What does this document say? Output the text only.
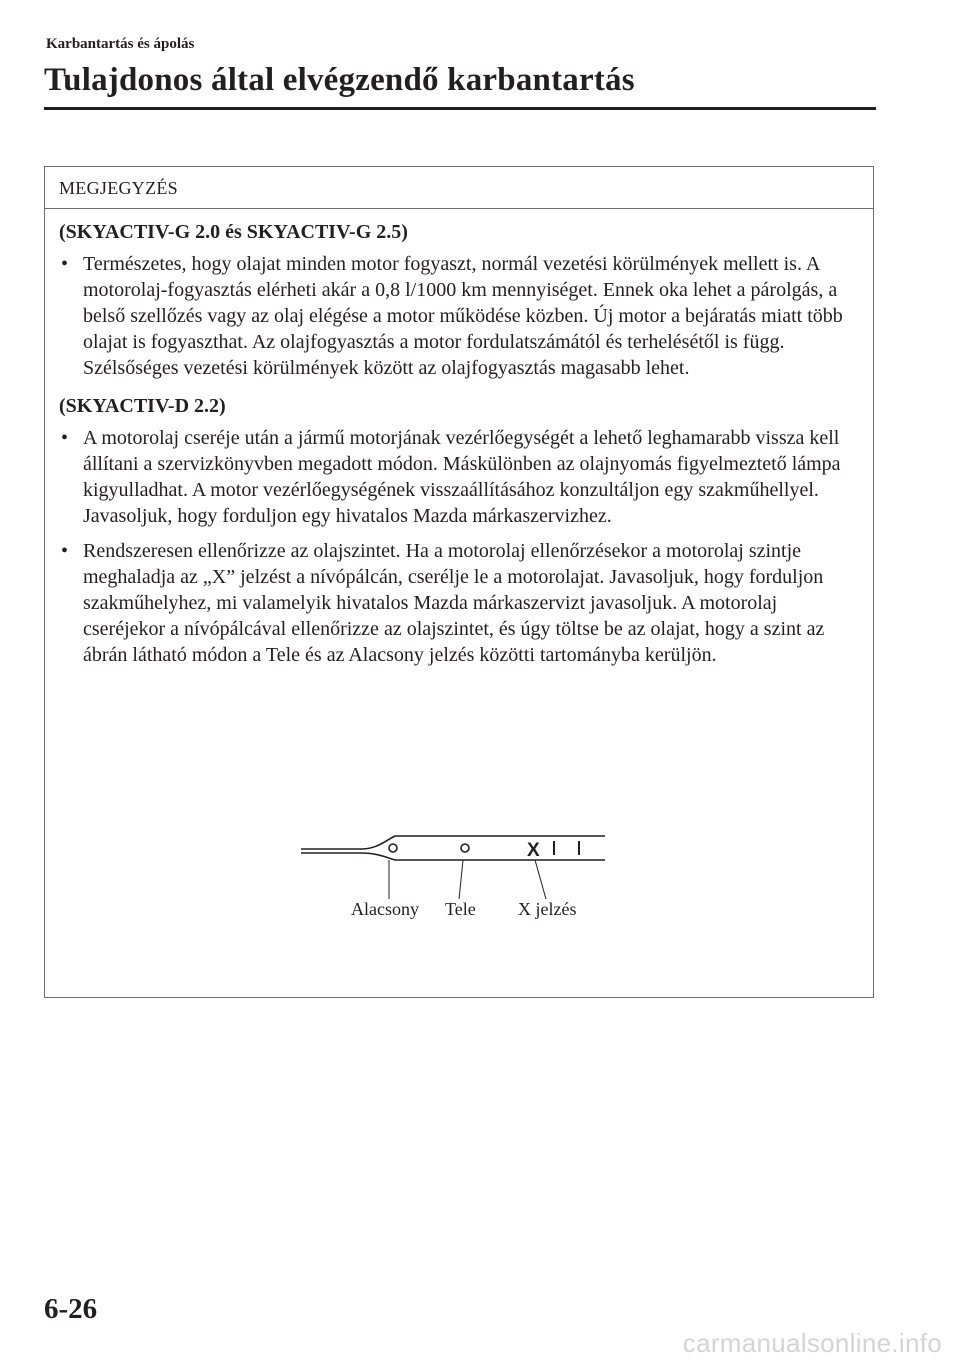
Karbantartás és ápolás
Tulajdonos által elvégzendő karbantartás
MEGJEGYZÉS
(SKYACTIV-G 2.0 és SKYACTIV-G 2.5)
• Természetes, hogy olajat minden motor fogyaszt, normál vezetési körülmények mellett is. A motorolaj-fogyasztás elérheti akár a 0,8 l/1000 km mennyiséget. Ennek oka lehet a párolgás, a belső szellőzés vagy az olaj elégése a motor működése közben. Új motor a bejáratás miatt több olajat is fogyaszthat. Az olajfogyasztás a motor fordulatszámától és terhelésétől is függ. Szélsőséges vezetési körülmények között az olajfogyasztás magasabb lehet.
(SKYACTIV-D 2.2)
• A motorolaj cseréje után a jármű motorjának vezérlőegységét a lehető leghamarabb vissza kell állítani a szervizkönyvben megadott módon. Máskülönben az olajnyomás figyelmeztető lámpa kigyulladhat. A motor vezérlőegységének visszaállításához konzultáljon egy szakműhellyel. Javasoljuk, hogy forduljon egy hivatalos Mazda márkaszervizhez.
• Rendszeresen ellenőrizze az olajszintet. Ha a motorolaj ellenőrzésekor a motorolaj szintje meghaladja az „X” jelzést a nívópálcán, cserélje le a motorolajat. Javasoljuk, hogy forduljon szakműhelyhez, mi valamelyik hivatalos Mazda márkaszervizt javasoljuk. A motorolaj cseréjekor a nívópálcával ellenőrizze az olajszintet, és úgy töltse be az olajat, hogy a szint az ábrán látható módon a Tele és az Alacsony jelzés közötti tartományba kerüljön.
X
Alacsony Tele X jelzés
6-26
carmanualsonline.info
